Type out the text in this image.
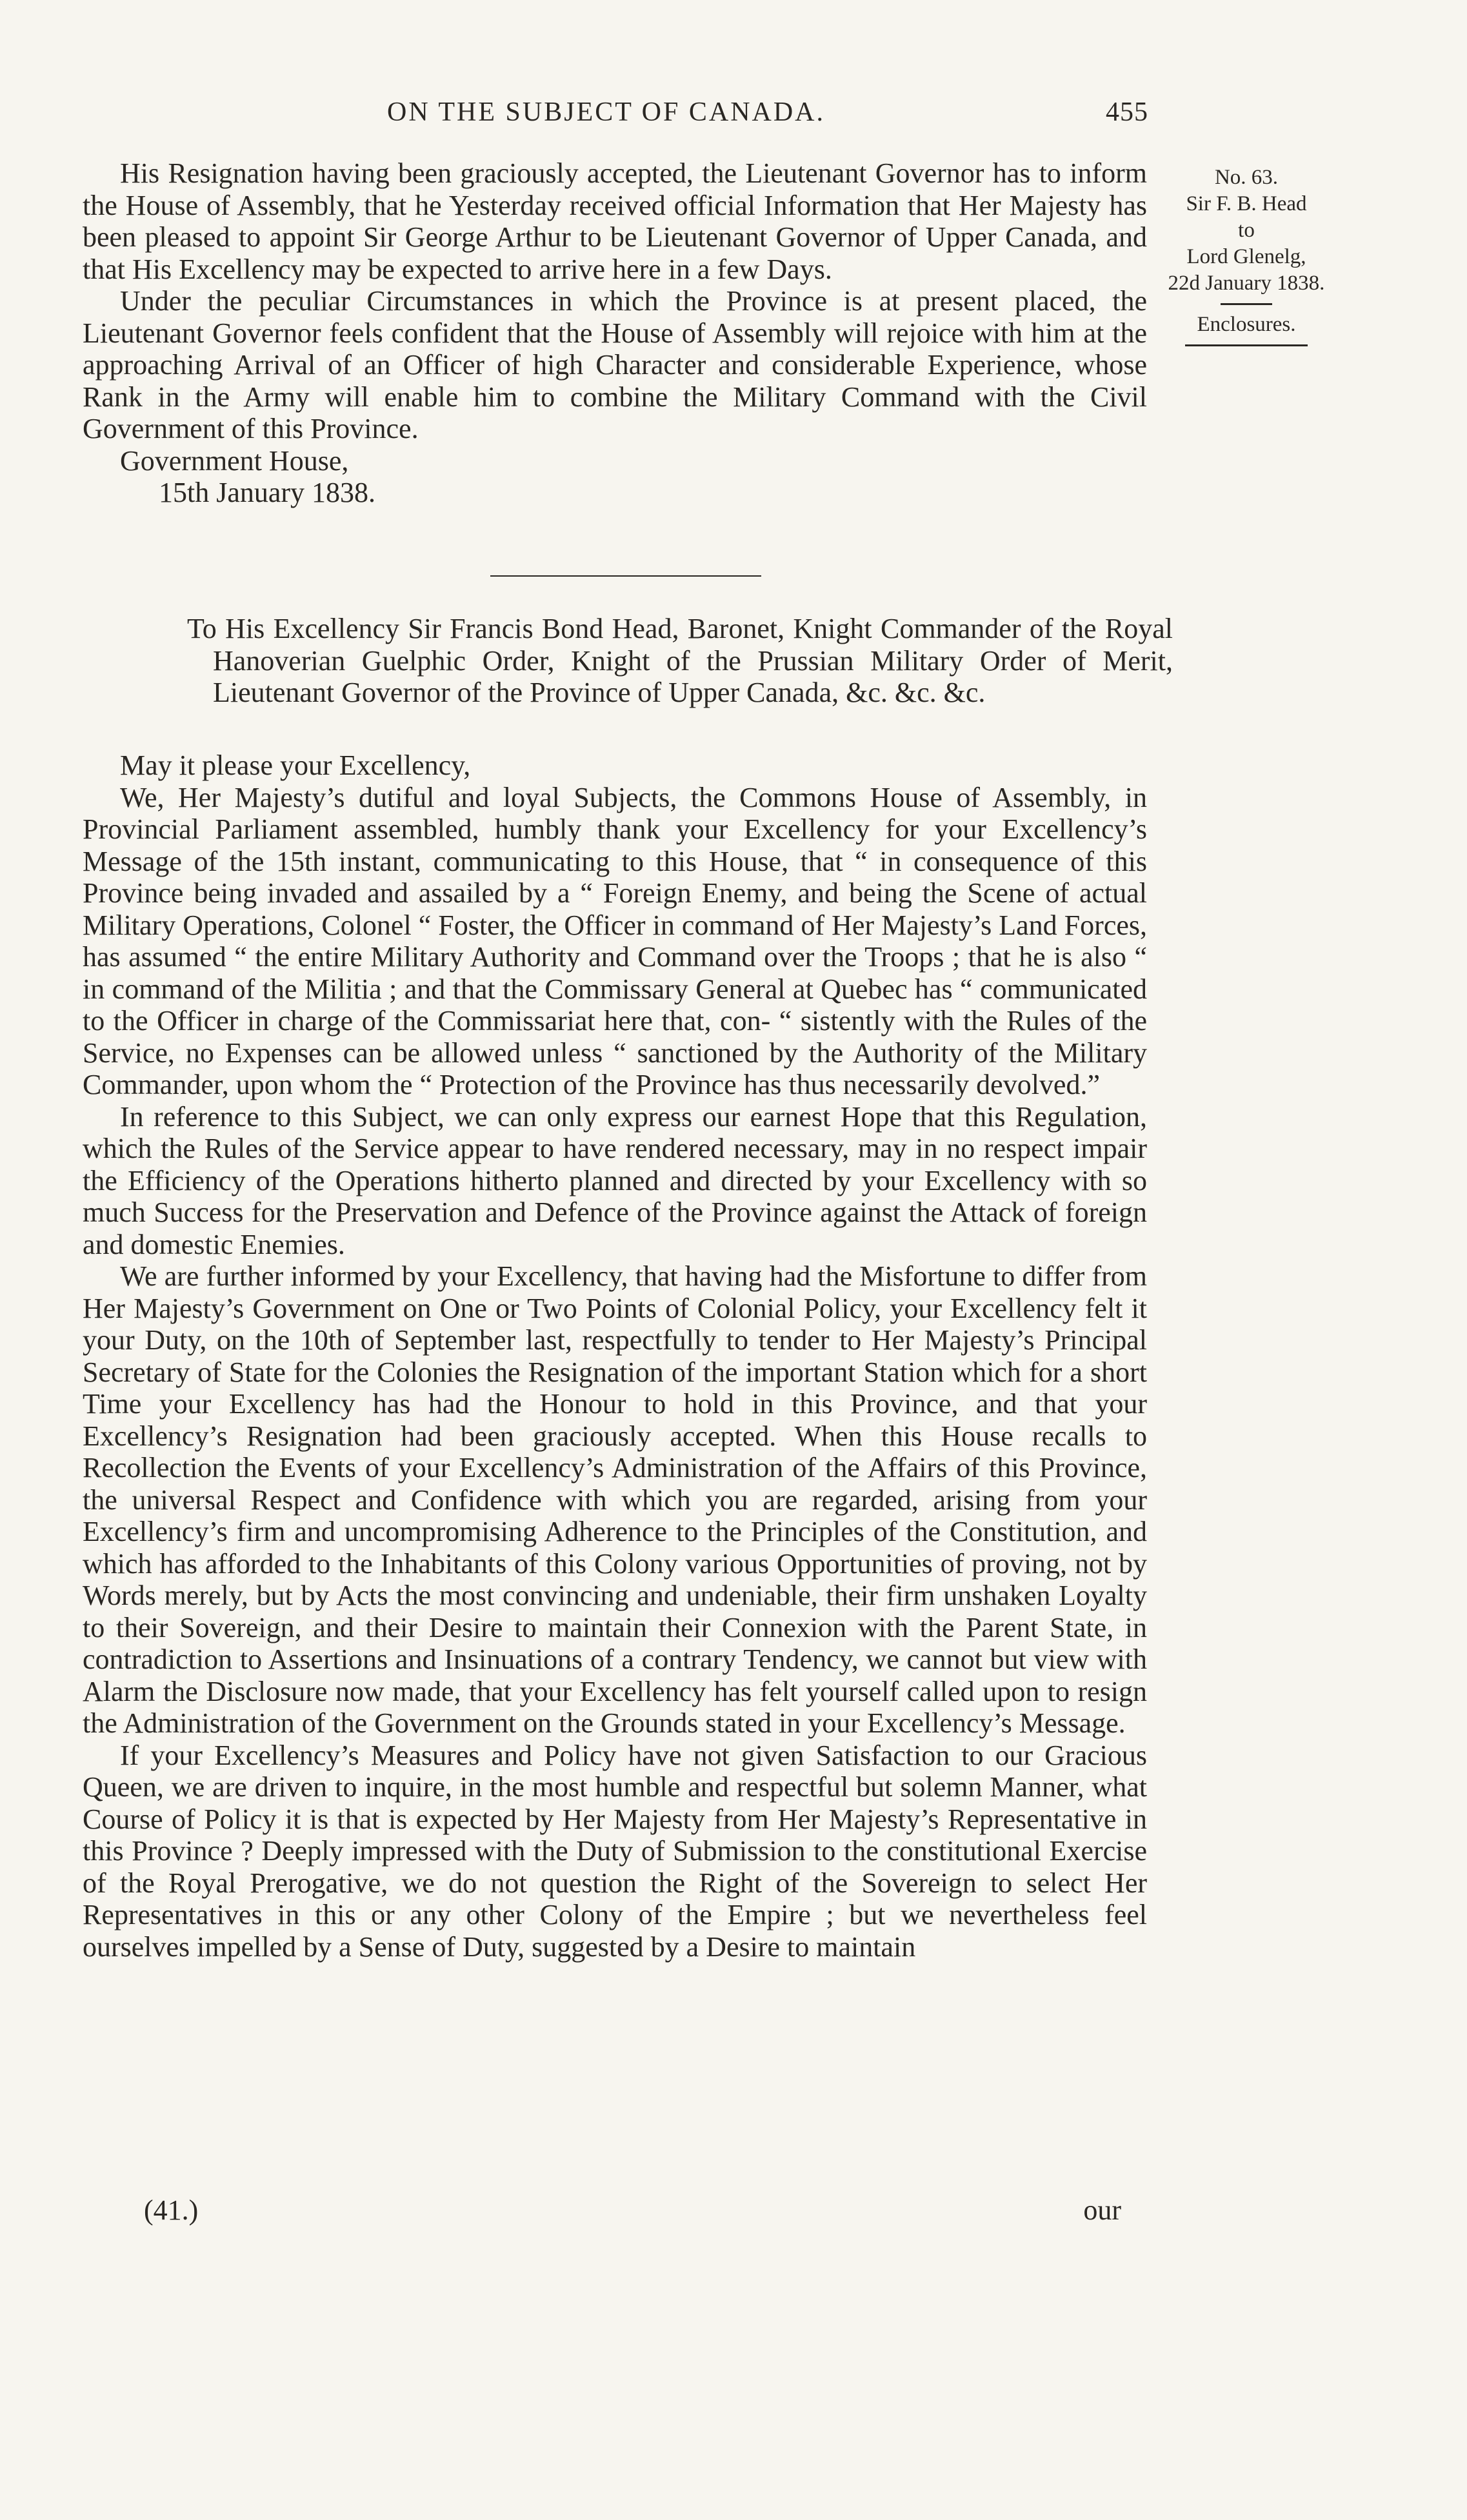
ON THE SUBJECT OF CANADA.	455
No. 63.
Sir F. B. Head
to
Lord Glenelg,
22d January 1838.
Enclosures.

His Resignation having been graciously accepted, the Lieutenant Governor has to inform the House of Assembly, that he Yesterday received official Information that Her Majesty has been pleased to appoint Sir George Arthur to be Lieutenant Governor of Upper Canada, and that His Excellency may be expected to arrive here in a few Days.

Under the peculiar Circumstances in which the Province is at present placed, the Lieutenant Governor feels confident that the House of Assembly will rejoice with him at the approaching Arrival of an Officer of high Character and considerable Experience, whose Rank in the Army will enable him to combine the Military Command with the Civil Government of this Province.

Government House,

15th January 1838.

To His Excellency Sir Francis Bond Head, Baronet, Knight Commander of the Royal Hanoverian Guelphic Order, Knight of the Prussian Military Order of Merit, Lieutenant Governor of the Province of Upper Canada, &c. &c. &c.

May it please your Excellency,

We, Her Majesty’s dutiful and loyal Subjects, the Commons House of Assembly, in Provincial Parliament assembled, humbly thank your Excellency for your Excellency’s Message of the 15th instant, communicating to this House, that “ in consequence of this Province being invaded and assailed by a “ Foreign Enemy, and being the Scene of actual Military Operations, Colonel “ Foster, the Officer in command of Her Majesty’s Land Forces, has assumed “ the entire Military Authority and Command over the Troops ; that he is also “ in command of the Militia ; and that the Commissary General at Quebec has “ communicated to the Officer in charge of the Commissariat here that, con- “ sistently with the Rules of the Service, no Expenses can be allowed unless “ sanctioned by the Authority of the Military Commander, upon whom the “ Protection of the Province has thus necessarily devolved.”

In reference to this Subject, we can only express our earnest Hope that this Regulation, which the Rules of the Service appear to have rendered necessary, may in no respect impair the Efficiency of the Operations hitherto planned and directed by your Excellency with so much Success for the Preservation and Defence of the Province against the Attack of foreign and domestic Enemies.

We are further informed by your Excellency, that having had the Misfortune to differ from Her Majesty’s Government on One or Two Points of Colonial Policy, your Excellency felt it your Duty, on the 10th of September last, respectfully to tender to Her Majesty’s Principal Secretary of State for the Colonies the Resignation of the important Station which for a short Time your Excellency has had the Honour to hold in this Province, and that your Excellency’s Resignation had been graciously accepted. When this House recalls to Recollection the Events of your Excellency’s Administration of the Affairs of this Province, the universal Respect and Confidence with which you are regarded, arising from your Excellency’s firm and uncompromising Adherence to the Principles of the Constitution, and which has afforded to the Inhabitants of this Colony various Opportunities of proving, not by Words merely, but by Acts the most convincing and undeniable, their firm unshaken Loyalty to their Sovereign, and their Desire to maintain their Connexion with the Parent State, in contradiction to Assertions and Insinuations of a contrary Tendency, we cannot but view with Alarm the Disclosure now made, that your Excellency has felt yourself called upon to resign the Administration of the Government on the Grounds stated in your Excellency’s Message.

If your Excellency’s Measures and Policy have not given Satisfaction to our Gracious Queen, we are driven to inquire, in the most humble and respectful but solemn Manner, what Course of Policy it is that is expected by Her Majesty from Her Majesty’s Representative in this Province ? Deeply impressed with the Duty of Submission to the constitutional Exercise of the Royal Prerogative, we do not question the Right of the Sovereign to select Her Representatives in this or any other Colony of the Empire ; but we nevertheless feel ourselves impelled by a Sense of Duty, suggested by a Desire to maintain

(41.)	our
